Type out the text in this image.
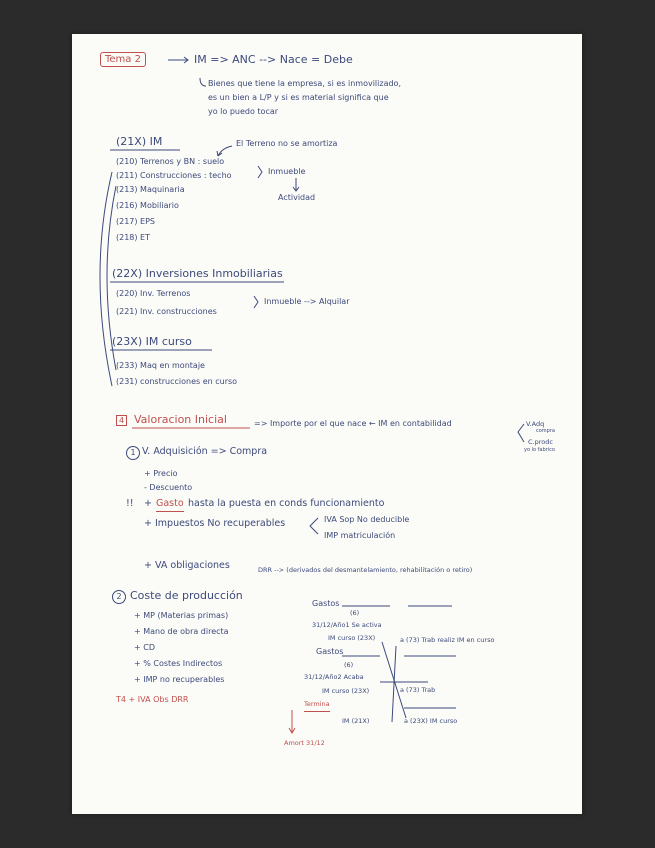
Tema 2	IM => ANC --> Nace = Debe
Bienes que tiene la empresa, si es inmovilizado,
es un bien a L/P y si es material significa que
yo lo puedo tocar
(21X) IM	El Terreno no se amortiza
(210) Terrenos y BN : suelo
(211) Construcciones : techo
(213) Maquinaria
(216) Mobiliario
(217) EPS
(218) ET
Inmueble
Actividad
(22X) Inversiones Inmobiliarias
(220) Inv. Terrenos
(221) Inv. construcciones
Inmueble --> Alquilar
(23X) IM curso
(233) Maq en montaje
(231) construcciones en curso
4 Valoracion Inicial	=> Importe por el que nace ← IM en contabilidad	V.Adq
compra
C.prodc
yo lo fabrico
1 V. Adquisición => Compra
+ Precio
- Descuento
!! + Gasto hasta la puesta en conds funcionamiento
+ Impuestos No recuperables	IVA Sop No deducible
IMP matriculación
+ VA obligaciones	DRR --> (derivados del desmantelamiento, rehabilitación o retiro)
2 Coste de producción
+ MP (Materias primas)
+ Mano de obra directa
+ CD
+ % Costes Indirectos
+ IMP no recuperables
T4 + IVA Obs DRR
Gastos
(6)
31/12/Año1 Se activa
IM curso (23X)	a (73) Trab realiz IM en curso
Gastos
(6)
31/12/Año2 Acaba
IM curso (23X)	a (73) Trab
Termina
IM (21X)	a (23X) IM curso
Amort 31/12
